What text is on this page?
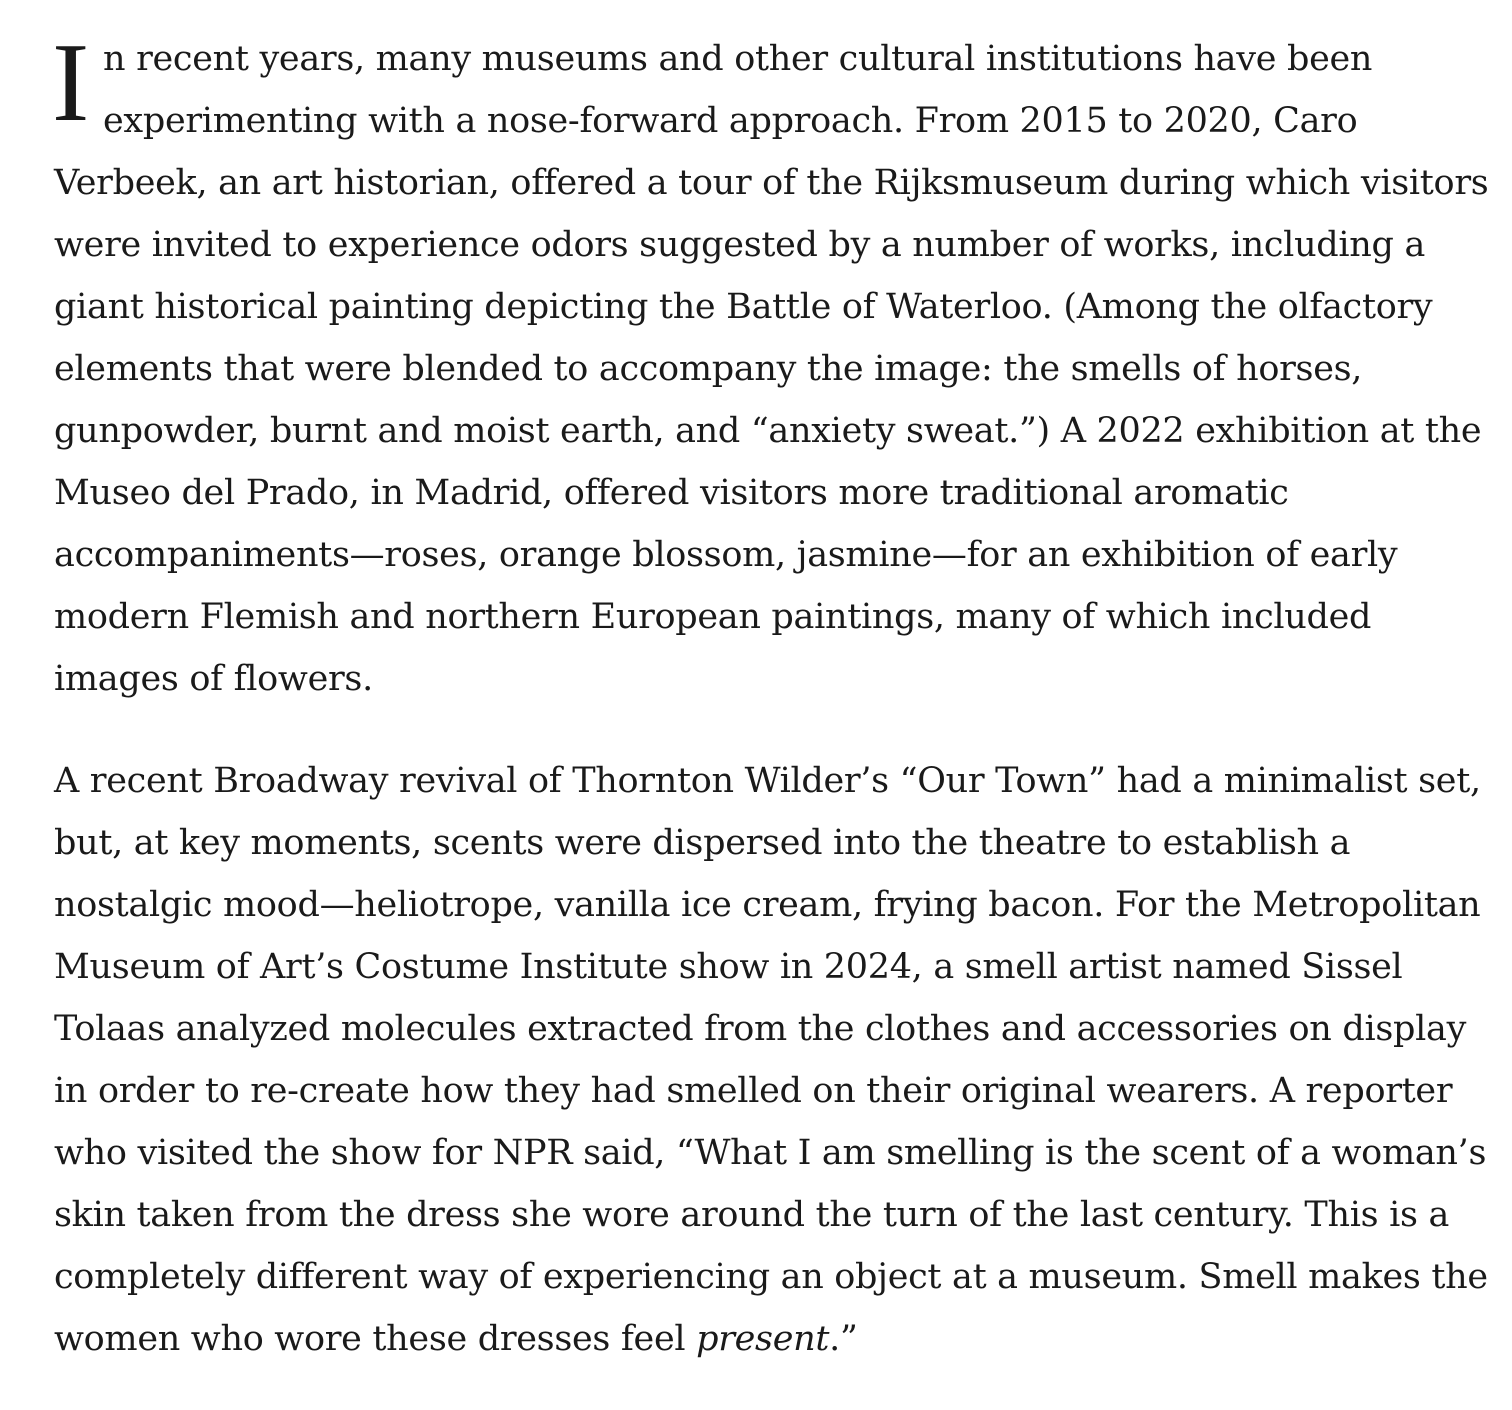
In recent years, many museums and other cultural institutions have been experimenting with a nose-forward approach. From 2015 to 2020, Caro Verbeek, an art historian, offered a tour of the Rijksmuseum during which visitors were invited to experience odors suggested by a number of works, including a giant historical painting depicting the Battle of Waterloo. (Among the olfactory elements that were blended to accompany the image: the smells of horses, gunpowder, burnt and moist earth, and “anxiety sweat.”) A 2022 exhibition at the Museo del Prado, in Madrid, offered visitors more traditional aromatic accompaniments—roses, orange blossom, jasmine—for an exhibition of early modern Flemish and northern European paintings, many of which included images of flowers.

A recent Broadway revival of Thornton Wilder’s “Our Town” had a minimalist set, but, at key moments, scents were dispersed into the theatre to establish a nostalgic mood—heliotrope, vanilla ice cream, frying bacon. For the Metropolitan Museum of Art’s Costume Institute show in 2024, a smell artist named Sissel Tolaas analyzed molecules extracted from the clothes and accessories on display in order to re-create how they had smelled on their original wearers. A reporter who visited the show for NPR said, “What I am smelling is the scent of a woman’s skin taken from the dress she wore around the turn of the last century. This is a completely different way of experiencing an object at a museum. Smell makes the women who wore these dresses feel present.”
